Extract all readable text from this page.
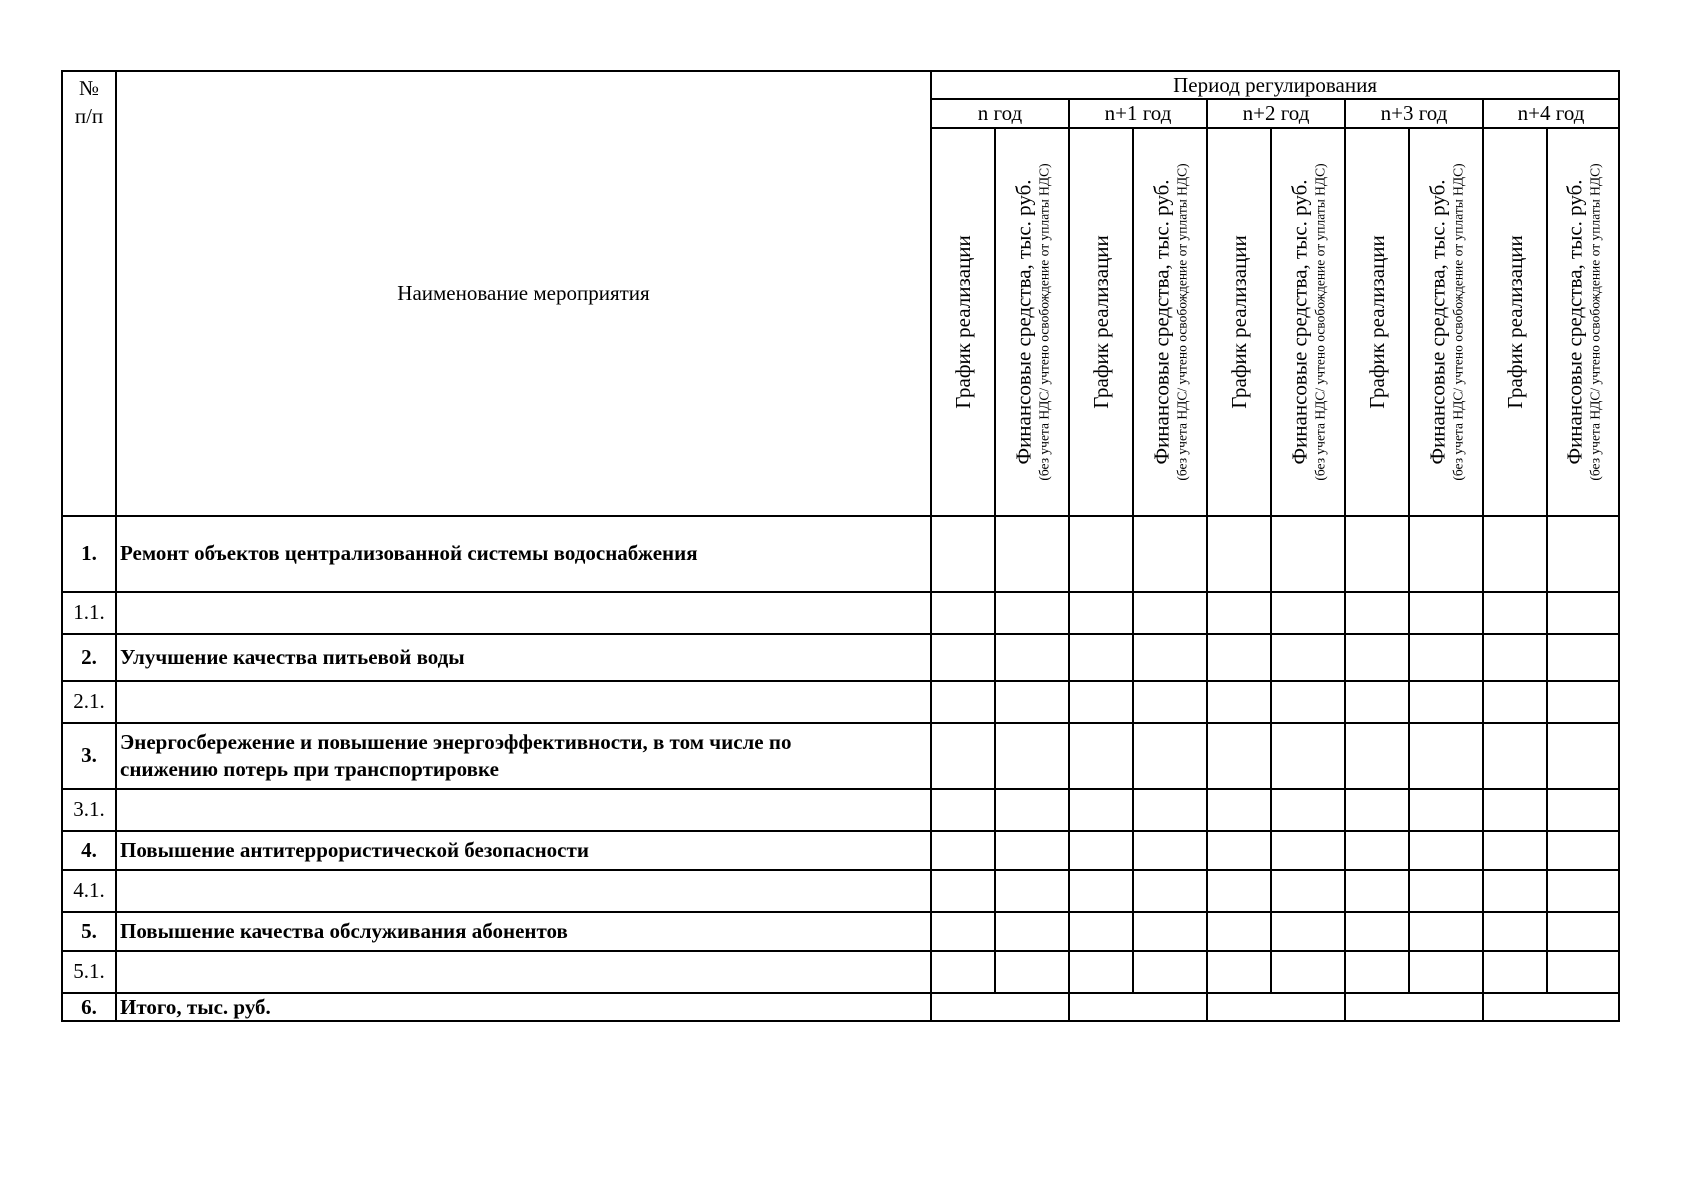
№
п/п	Наименование мероприятия	Период регулирования									
		n год		n+1 год		n+2 год		n+3 год		n+4 год	

		График реализации	Финансовые средства, тыс. руб. (без учета НДС/ учтено освобождение от уплаты НДС)	График реализации	Финансовые средства, тыс. руб. (без учета НДС/ учтено освобождение от уплаты НДС)	График реализации	Финансовые средства, тыс. руб. (без учета НДС/ учтено освобождение от уплаты НДС)	График реализации	Финансовые средства, тыс. руб. (без учета НДС/ учтено освобождение от уплаты НДС)	График реализации	Финансовые средства, тыс. руб. (без учета НДС/ учтено освобождение от уплаты НДС)

1.	Ремонт объектов централизованной системы водоснабжения										
1.1.											
2.	Улучшение качества питьевой воды										
2.1.											
3.	Энергосбережение и повышение энергоэффективности, в том числе по
снижению потерь при транспортировке										

3.1.											
4.	Повышение антитеррористической безопасности										
4.1.											
5.	Повышение качества обслуживания абонентов										
5.1.											
6.	Итого, тыс. руб.										
